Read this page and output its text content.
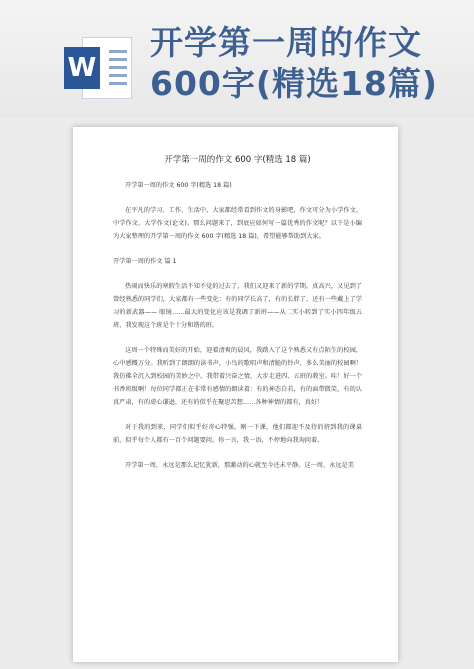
W
开学第一周的作文
600字(精选18篇)
开学第一周的作文 600 字(精选 18 篇)

开学第一周的作文 600 字(精选 18 篇)

在平凡的学习、工作、生活中，大家都经常看到作文的身影吧，作文可分为小学作文、中学作文、大学作文(论文)。那么问题来了，到底应如何写一篇优秀的作文呢？以下是小编为大家整理的开学第一周的作文 600 字(精选 18 篇)，希望能够帮助到大家。

开学第一周的作文 篇 1

热闹而快乐的寒假生活不知不觉的过去了，我们又迎来了新的学期。真高兴，又见到了曾经熟悉的同学们，大家都有一些变化：有的同学长高了，有的长胖了，还有一些戴上了学习的新武器—— 眼镜……最大的变化应该是我调了新班——从二实小转到了实小四年级五班，我发现这个班是个十分和谐的班。

这周一个特殊而美好的开始，迎着清爽的晨风，我踏入了这个熟悉又有点陌生的校园，心中感慨万分。我听到了朗朗的读书声，小鸟的歌唱声和清脆的铃声，多么美丽的校园啊！我仿佛全沉入到校园的美妙之中。我带着兴奋之情，大步走进四、五班的教室。哇！好一个书香班级啊！每位同学都正在非常有感情的朗读着：有的神态自若，有的面带微笑，有的认真严肃，有的虚心谦逊，还有的似乎在聚思苦想……各种神情的都有，真好！

对于我的到来，同学们似乎好奇心特强。刚一下课，他们都迎不及待的挤到我的课桌前，似乎每个人都有一百个问题要问。你一言，我一语，不停地向我询问着。

开学第一周，永远是那么记忆犹新，那激动的心就至今还未平静。这一周，永远是美
